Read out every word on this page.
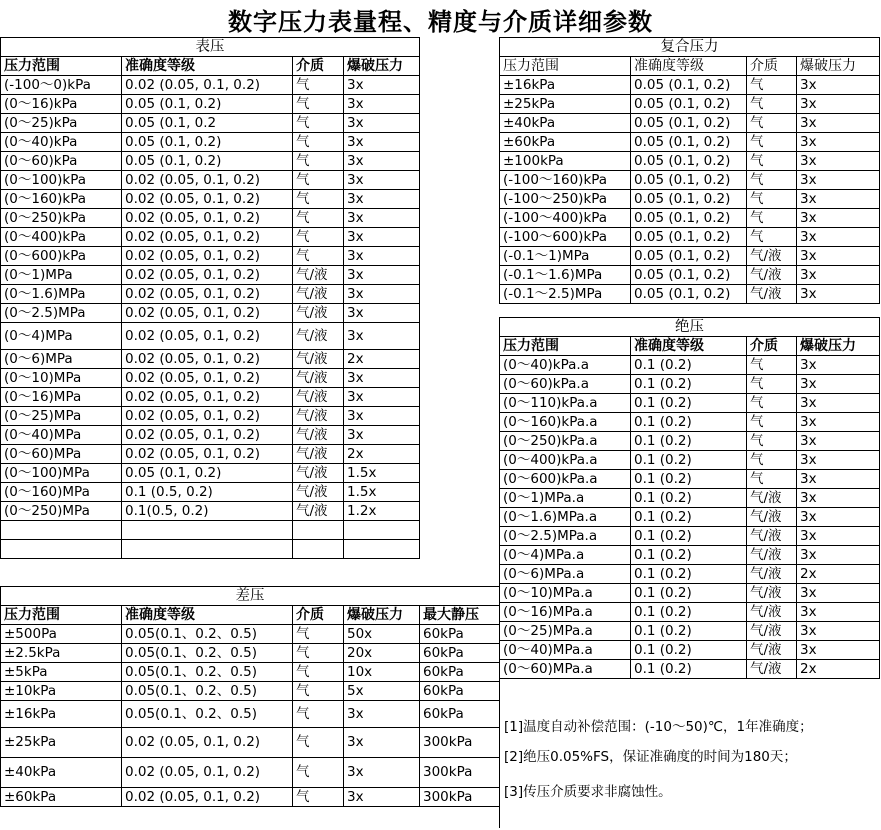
数字压力表量程、精度与介质详细参数
表压			
压力范围	准确度等级	介质	爆破压力
(-100～0)kPa	0.02 (0.05, 0.1, 0.2)	气	3x
(0～16)kPa	0.05 (0.1, 0.2)	气	3x
(0～25)kPa	0.05 (0.1, 0.2	气	3x
(0～40)kPa	0.05 (0.1, 0.2)	气	3x
(0～60)kPa	0.05 (0.1, 0.2)	气	3x
(0～100)kPa	0.02 (0.05, 0.1, 0.2)	气	3x
(0～160)kPa	0.02 (0.05, 0.1, 0.2)	气	3x
(0～250)kPa	0.02 (0.05, 0.1, 0.2)	气	3x
(0～400)kPa	0.02 (0.05, 0.1, 0.2)	气	3x
(0～600)kPa	0.02 (0.05, 0.1, 0.2)	气	3x
(0～1)MPa	0.02 (0.05, 0.1, 0.2)	气/液	3x
(0～1.6)MPa	0.02 (0.05, 0.1, 0.2)	气/液	3x
(0～2.5)MPa	0.02 (0.05, 0.1, 0.2)	气/液	3x
(0～4)MPa	0.02 (0.05, 0.1, 0.2)	气/液	3x
(0～6)MPa	0.02 (0.05, 0.1, 0.2)	气/液	2x
(0～10)MPa	0.02 (0.05, 0.1, 0.2)	气/液	3x
(0～16)MPa	0.02 (0.05, 0.1, 0.2)	气/液	3x
(0～25)MPa	0.02 (0.05, 0.1, 0.2)	气/液	3x
(0～40)MPa	0.02 (0.05, 0.1, 0.2)	气/液	3x
(0～60)MPa	0.02 (0.05, 0.1, 0.2)	气/液	2x
(0～100)MPa	0.05 (0.1, 0.2)	气/液	1.5x
(0～160)MPa	0.1 (0.5, 0.2)	气/液	1.5x
(0～250)MPa	0.1(0.5, 0.2)	气/液	1.2x

差压				
压力范围	准确度等级	介质	爆破压力	最大静压
±500Pa	0.05(0.1、0.2、0.5)	气	50x	60kPa
±2.5kPa	0.05(0.1、0.2、0.5)	气	20x	60kPa
±5kPa	0.05(0.1、0.2、0.5)	气	10x	60kPa
±10kPa	0.05(0.1、0.2、0.5)	气	5x	60kPa
±16kPa	0.05(0.1、0.2、0.5)	气	3x	60kPa
±25kPa	0.02 (0.05, 0.1, 0.2)	气	3x	300kPa
±40kPa	0.02 (0.05, 0.1, 0.2)	气	3x	300kPa
±60kPa	0.02 (0.05, 0.1, 0.2)	气	3x	300kPa
复合压力			
压力范围	准确度等级	介质	爆破压力
±16kPa	0.05 (0.1, 0.2)	气	3x
±25kPa	0.05 (0.1, 0.2)	气	3x
±40kPa	0.05 (0.1, 0.2)	气	3x
±60kPa	0.05 (0.1, 0.2)	气	3x
±100kPa	0.05 (0.1, 0.2)	气	3x
(-100～160)kPa	0.05 (0.1, 0.2)	气	3x
(-100～250)kPa	0.05 (0.1, 0.2)	气	3x
(-100～400)kPa	0.05 (0.1, 0.2)	气	3x
(-100～600)kPa	0.05 (0.1, 0.2)	气	3x
(-0.1～1)MPa	0.05 (0.1, 0.2)	气/液	3x
(-0.1～1.6)MPa	0.05 (0.1, 0.2)	气/液	3x
(-0.1～2.5)MPa	0.05 (0.1, 0.2)	气/液	3x
绝压			
压力范围	准确度等级	介质	爆破压力
(0～40)kPa.a	0.1 (0.2)	气	3x
(0～60)kPa.a	0.1 (0.2)	气	3x
(0～110)kPa.a	0.1 (0.2)	气	3x
(0～160)kPa.a	0.1 (0.2)	气	3x
(0～250)kPa.a	0.1 (0.2)	气	3x
(0～400)kPa.a	0.1 (0.2)	气	3x
(0～600)kPa.a	0.1 (0.2)	气	3x
(0～1)MPa.a	0.1 (0.2)	气/液	3x
(0～1.6)MPa.a	0.1 (0.2)	气/液	3x
(0～2.5)MPa.a	0.1 (0.2)	气/液	3x
(0～4)MPa.a	0.1 (0.2)	气/液	3x
(0～6)MPa.a	0.1 (0.2)	气/液	2x
(0～10)MPa.a	0.1 (0.2)	气/液	3x
(0～16)MPa.a	0.1 (0.2)	气/液	3x
(0～25)MPa.a	0.1 (0.2)	气/液	3x
(0～40)MPa.a	0.1 (0.2)	气/液	3x
(0～60)MPa.a	0.1 (0.2)	气/液	2x
[1]温度自动补偿范围：(-10～50)℃，1年准确度；
[2]绝压0.05%FS，保证准确度的时间为180天；
[3]传压介质要求非腐蚀性。
